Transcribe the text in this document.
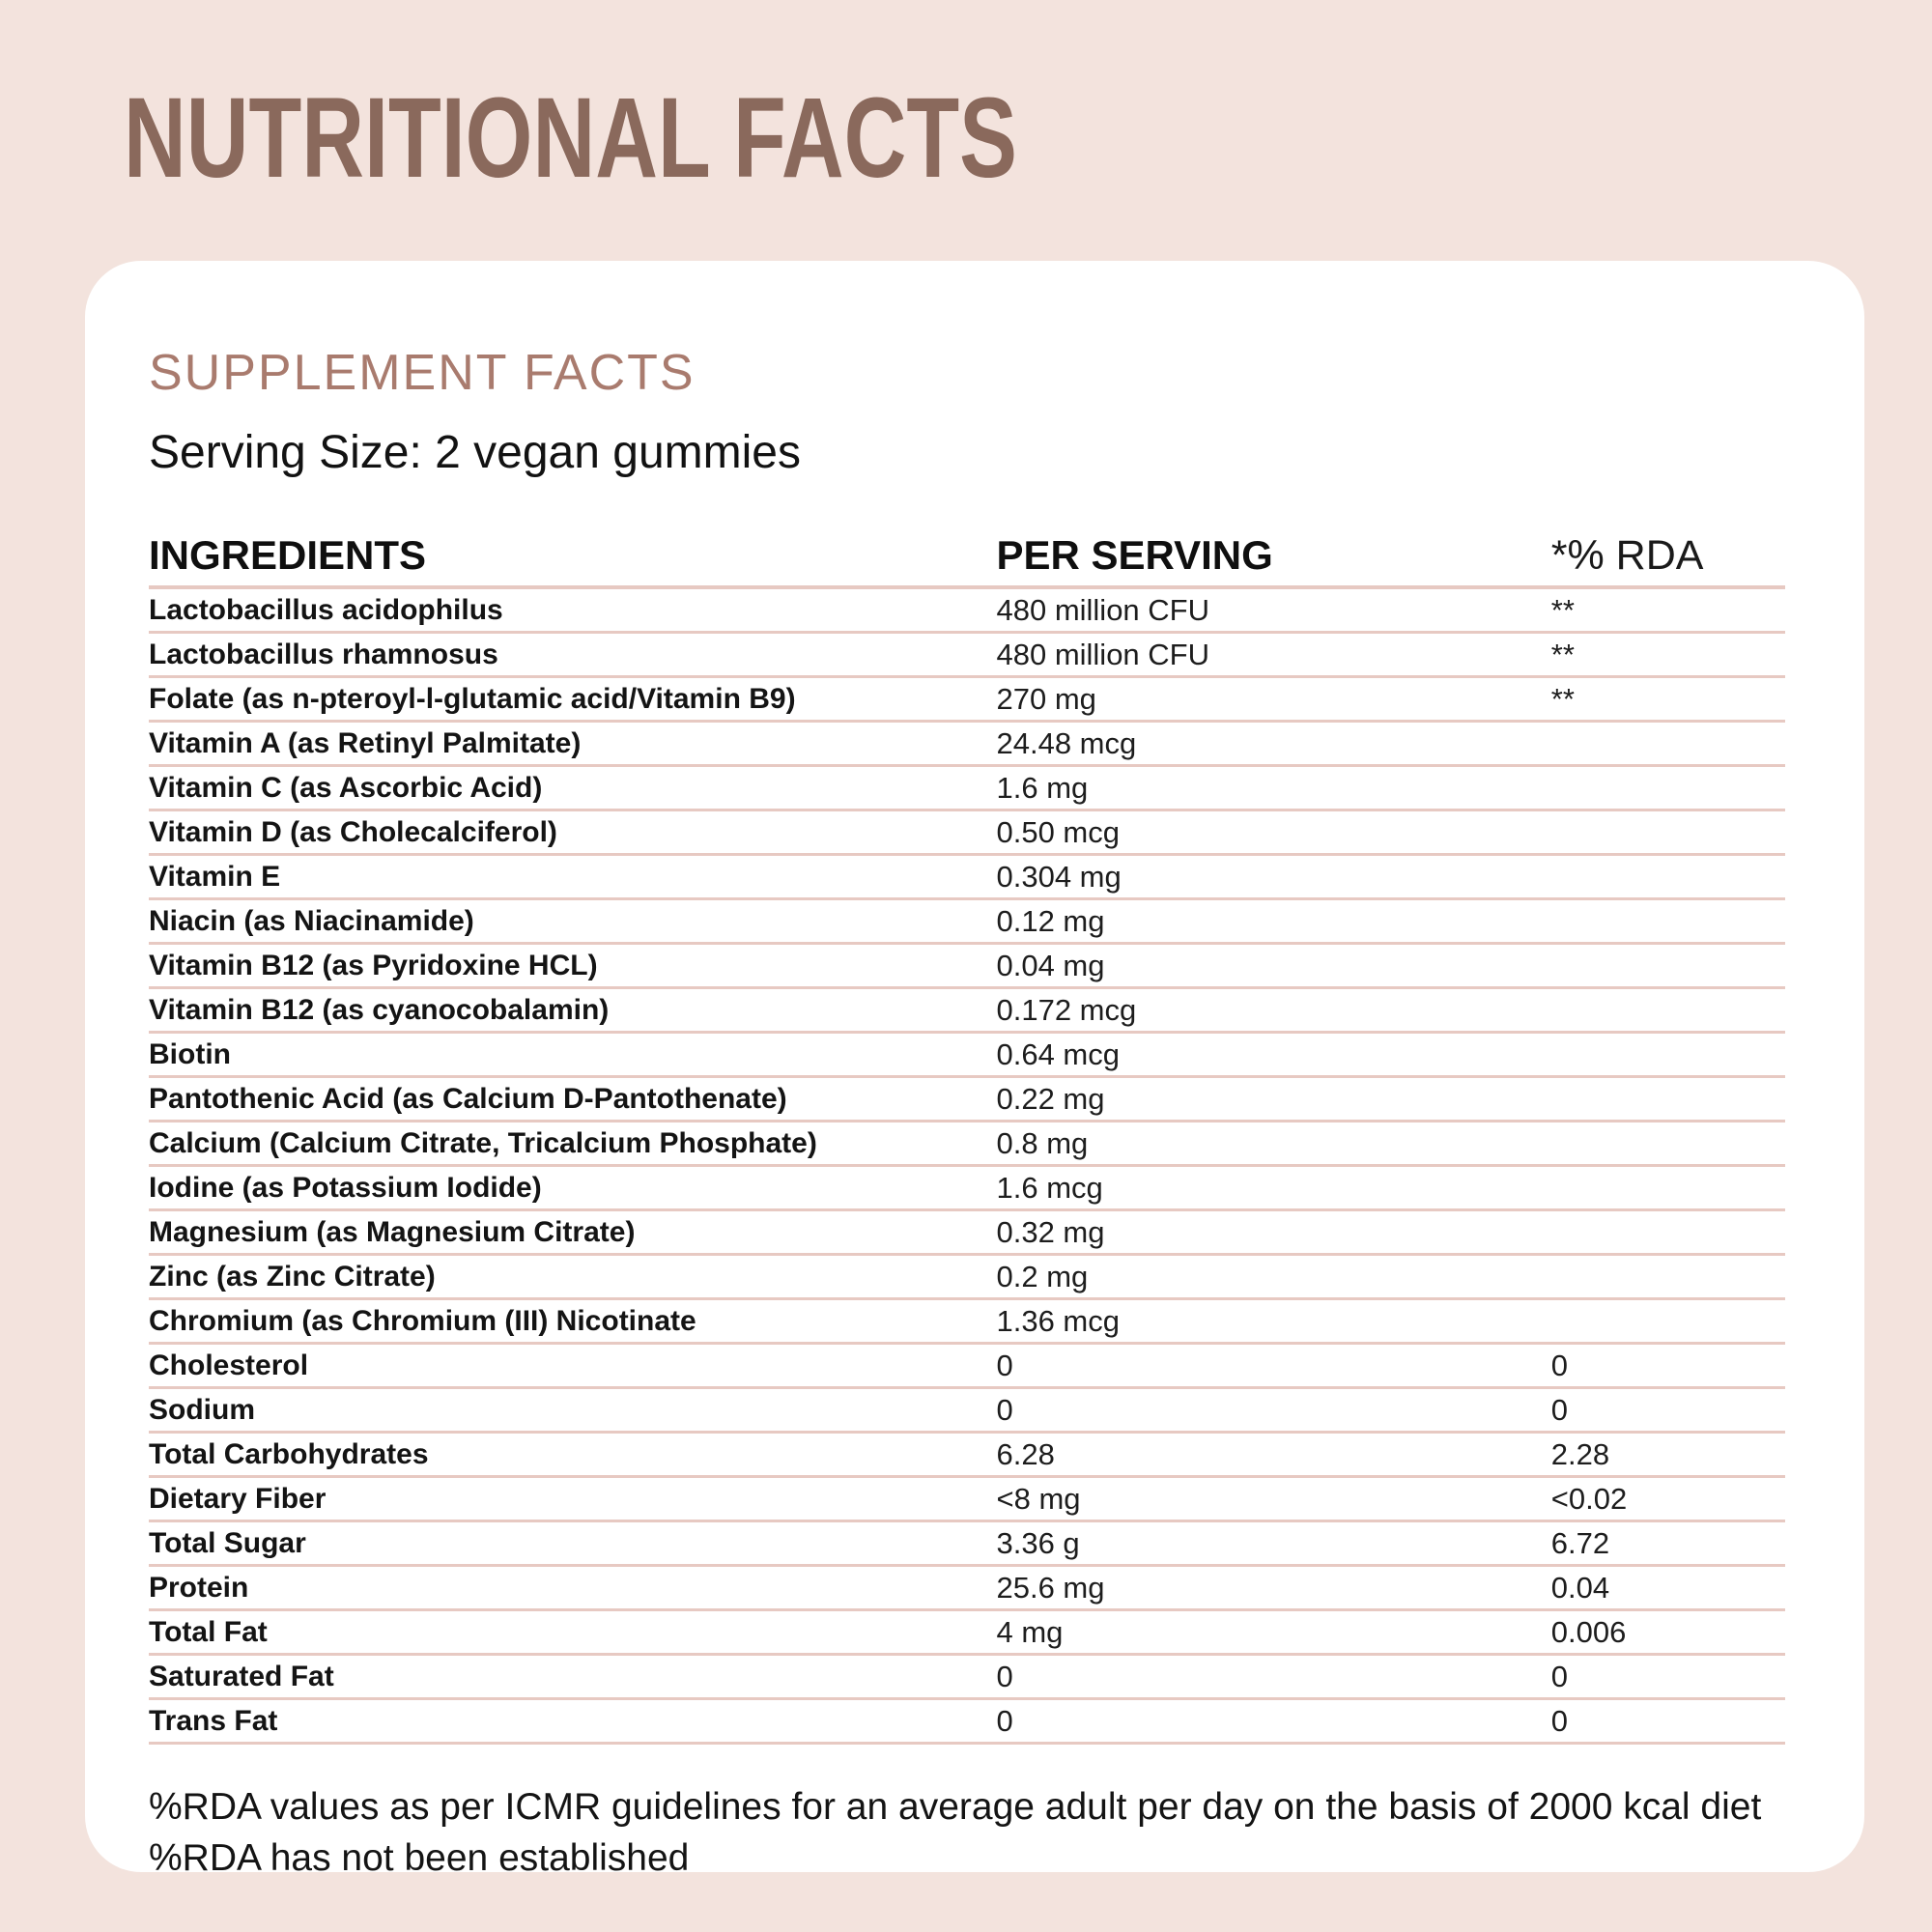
NUTRITIONAL FACTS
SUPPLEMENT FACTS
Serving Size: 2 vegan gummies
INGREDIENTS	PER SERVING	*% RDA
Lactobacillus acidophilus	480 million CFU	**
Lactobacillus rhamnosus	480 million CFU	**
Folate (as n-pteroyl-l-glutamic acid/Vitamin B9)	270 mg	**
Vitamin A (as Retinyl Palmitate)	24.48 mcg
Vitamin C (as Ascorbic Acid)	1.6 mg
Vitamin D (as Cholecalciferol)	0.50 mcg
Vitamin E	0.304 mg
Niacin (as Niacinamide)	0.12 mg
Vitamin B12 (as Pyridoxine HCL)	0.04 mg
Vitamin B12 (as cyanocobalamin)	0.172 mcg
Biotin	0.64 mcg
Pantothenic Acid (as Calcium D-Pantothenate)	0.22 mg
Calcium (Calcium Citrate, Tricalcium Phosphate)	0.8 mg
Iodine (as Potassium Iodide)	1.6 mcg
Magnesium (as Magnesium Citrate)	0.32 mg
Zinc (as Zinc Citrate)	0.2 mg
Chromium (as Chromium (III) Nicotinate	1.36 mcg
Cholesterol	0	0
Sodium	0	0
Total Carbohydrates	6.28	2.28
Dietary Fiber	<8 mg	<0.02
Total Sugar	3.36 g	6.72
Protein	25.6 mg	0.04
Total Fat	4 mg	0.006
Saturated Fat	0	0
Trans Fat	0	0
%RDA values as per ICMR guidelines for an average adult per day on the basis of 2000 kcal diet
%RDA has not been established
